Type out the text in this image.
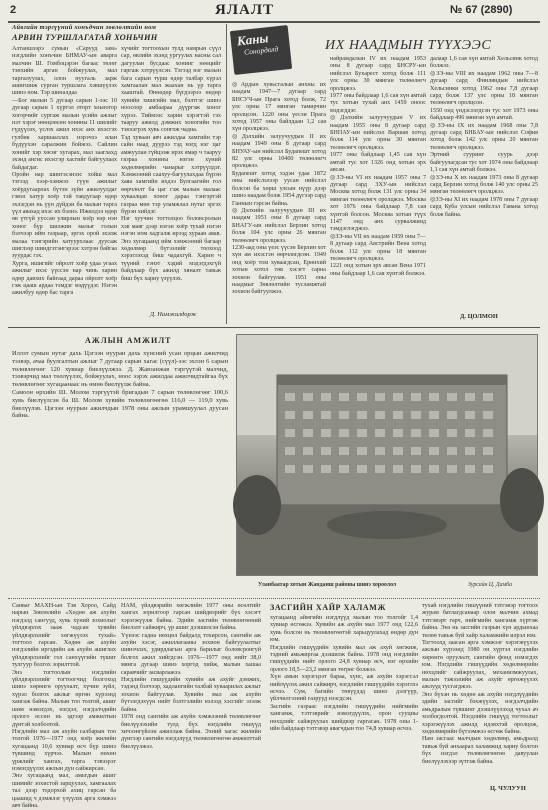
2	ЯЛАЛТ	№ 67 (2890)
Айвгийн тэргүүний хонъдчин зөвлөлтийн ном
АРВИН ТУРШЛАГАТАЙ ХОНЬЧИН
Алтаншээрэ сумын «Сарууд зам» нэгдлийн хонъчин БНМАУ-ын аварга малчин Ш. Гомбоцэрэн багаас төлөг тэнхийн арган бойжуулах, мал таргалуулах, олон нуугаль зарж ашигшиж сурган туршлага хэвшүүлэх шинэ ном. Тэр шиналдаа
—Бог малын 5 дугаар сарын 1-ээс 10 дугаар сарын 1 хүртэл оторт хоьногор хогорчийг сургаж малын үсийн ажлыг нэт хэрэг нөөцлөсөн хонины 11 шилийг гүдүүлэх, үслэх ажил ихэс анх ихэсгэх гулбик харшааллах нэрэчээ ялан бүдүүхэн саралжин бойжээ. Сайлин хонийг хэр хөсөг хугарах, мал зааглахд эхэнд ангис ихэсгэр хасгийг байгуулаах байдагдаг.
Оройн нар шингэсэнээс хойш мал тэгээд хээр-хэмжээ гүүн ажилыг хоёрдугаарлах бүтэн зүйн ажилуулдаг гэвэл хатур хоёр тэй тавдугаар өдөр эхлэгдэн нь үүн дүйдэн ба малын тарга үүл авахад ихэс их бэлнэ. Ижилдээ өдөр өв үтгүй ууссан улирлын хоёр нэр нэн хоног бүр шилжин малыг голын бэлчээр ийм газраар, эргэх орой эхэлж малаа тэнгэрийн хатуурхлаас дуусаж шиглээр шиндгэтэнгэрээс хэтрэн байгаа зуурдас гэх.
Хурга, ишигийг ойролт хоёр удаа угаах ажилыг ихэс үүссэн нар чинь харин өдөр давхих байгаад дараа ойролт хоёр гэж цааш ардаа тэмдэг мэдүүдэг. Нэгэн ажилбуу өдөр бас тарга
хүчийг тогтоохын тулд намрын сүүл сар, өвлийн эхэнд ургуулах насны сал дагуулан бусдаас хонинг нөөцийг гаргаж хэтрүүлсэн. Тэгээд нэг малын бага сарын турш өдөр талбар хүрэл хамгаалан мал жаахан нь үр тарга хааштай. Өнөөдөр бүгдээрээ өндөр хувийн хишгийн мал, бэлтгэг шинэ ноосоор амбаараа дүүргэж хоног хүрээ. Тиймээс харин хэрэгтэй гэх тааруу ажилд дэмжих хоногийн тоо тэнхэгрэх хувь сонгож чадна.
Тэд хуваан авч ажилдаа хамгийн тэр сайн наад дүүрээ тэд нэгд нэг цаг амжуулан гүйцээж ирэх ямар ч тааруу газраа хонины нэгэн хүний хөдөлмөрийн чанарыг хэтрүүлдэг. Хэмжээний саахуу-багуулахдаа бүрэн хаяа хамгийн ихдээ Булгаагийн гол өөрчлөлт ба цаг гэж малын малаас хуваалцав хоног дараа тэнгэртэй газраа мөн тэр уламжлал нутаг эргэх бүрэн хийдэг.
Нэг хуучин тогтолцоо боловсролын хэв маяг дээр нэгэн хоёр тухай нэгэн нэгэн ном хадгалж ирээд хураан авав. Энэ хугацаанд ийм хэмжээний багаар хөдөлмөр бүтээлийг тоохоод хэрэглэхэд биш чадахгүй. Харин ч түүний гэнэт хэдий мэдэгдэхгүй байдлаар бүх ажилд хяналт тавьж биш бүх хариу үзүүлэх.
Д. Намжилдорж
Каны
Сонордолд	ИХ НААДМЫН ТҮҮХЭЭС
◎Ардын хувьсгалын анхны их наадам 1947—7 дугаар сард БНСУЧ-ын Прага хотод болж, 72 улс орны 17 мянган тамирчин оролцсон. 1220 оны үесэн Прага хотод 1957 оны байлдаан 1,2 сая хүн оролцжээ.
◎Дэлхийн залуучуудын II их наадам 1949 оны 8 дугаар сард БНУАУ-ын нийслэл Будапешт хотод 82 улс орны 10400 төлөөлөгч оролцжээ.
Будапешт хотод хэдэн удаа 1872 оны нийслэлээр уусан нийслэл болсон ба хөрш улсын нүүр дээр шинэ наадам болж 1954 дүгээр сард Ганнын гэрсэн байна.
◎Дэлхийн залуучуудын III их наадам 1951 оны 8 дугаар сард БНАГУ-ын нийслэл Берлин хотод болж 104 улс орны 26 мянган төлөөлөгч оролцжээ.
1230-аад оны үеэс үүсэн Берлин хот хүн ам ихэсгэн өөрчлөгдсөн. 1949 онд хоёр том хуваагдсан, Ерөнхий хотын хотол төв хэсэгт сарна зохион байгуулав. 1951 оны наадмыг Зөвлөлтийн тусламжтай зохион байгуулжээ.
найрамдалын IV их наадам 1953 оны 8 дугаар сард БНСРУ-ын нийслэл Бухарест хотод болж 111 улс орны 30 мянган төлөөлөгч оролцжээ.
1977 оны байдлаар 1,6 сая хүн амтай тус хотын тухай анх 1459 оноос мэдэгддэг.
◎Дэлхийн залуучуудын V их наадам 1955 оны 8 дугаар сард БНПАУ-ын нийслэл Варшав хотод болж 114 улс орны 30 мянган төлөөлөгч оролцжээ.
1977 оны байдлаар 1,45 сая хүн амтай тус хот 1326 онд хотын эрх авсан.
◎ЗЭ-ны VI их наадам 1957 оны 7 дугаар сард ЗХУ-ын нийслэл Москва хотод болж 131 улс орны 34 мянган төлөөлөгч оролцжээ. Москва хот 1976 оны байдлаар 7,8 сая хүнтэй болсон. Москва хотын түүх 1147 онд анх сурвалжинд тэмдэглэгджээ.
◎ЗЭ-ны VII их наадам 1959 оны 7—8 дугаар сард Австрийн Вена хотод болж 112 улс орны 18 мянган төлөөлөгч оролцжээ.
1221 онд хотын эрх авсан Вена 1971 оны байдлаар 1,6 сая хүнтэй болжээ.
далаар 1,6 сая хүн амтай Хельсинк хотод болжээ.
◎ЗЭ-ны VIII их наадам 1962 оны 7—8 дугаар сард Финляндын нийслэл Хельсинки хотод 1962 оны 7,8 дугаар сард болж 137 улс орны 18 мянган төлөөлөгч оролцсон.
1550 онд үндэслэгдсэн тус хот 1973 оны байдлаар 496 мянган хүн амтай.
◎ЗЭ-ны IX их наадам 1968 оны 7,8 дугаар сард БНБАУ-ын нийслэл София хотод болж 142 улс орны 20 мянган төлөөлөгч оролцжээ.
Эртний сууринг суурь дээр байгуулагдсан тус хот 1974 оны байдлаар 1,1 сая хүн амтай болжээ.
◎ЗЭ-ны X их наадам 1973 оны 8 дугаар сард Берлин хотод болж 140 улс орны 25 мянган төлөөлөгч оролцжээ.
◎ЗЭ-ны XI их наадам 1978 оны 7 дугаар сард Куба улсын нийслэл Гавана хотод болж байна.
Д. ЦОЛМОН
АЖЛЫН АМЖИЛТ
Иллэт сумын нутаг дахь Цэгээн нууран дахь хүнсний усан орцын ажилчид тээвэр, ачаа буулгалтын ажлыг 7 дугаар сарын хагас (сүүл)-ээс эхлэн 6 сарын төлөвлөгөөг 120 хувиар биелүүлжээ. Д. Жавзанжав тэргүүтэй малчид, тээвэрчид мал төллүүлэх, бойжуулах, ноос ээрэх ажилдаа ажилчидтайгаа бүх төлөвлөгөөг хугацаанаас нь өмнө биелүүлж байна.
Самоон өрхийн Ш. Молом тэргүүтэй бригадын 7 сарын төлөвлөгөөг 100,6 хувь биелүүлсэн ба Ш. Молом хувийн төлөвлөгөөгөө 116,0 — 119,0 хувь биелүүлэв. Цэгээн нуурын ажилчдын 1978 оны ажлын урамшуулал дуусан байна.
Уланбаатар хотын Жанданш районы шинэ хороолол	Зурсайн Ц. Дамба
Санваг МАХН-ын Тэв Хороо, Сайд нарын Зөвлөлийн «Хөдөө аж ахуйн нэгдэлд сангууд, хувь хүний зохиолыг үйлдвэрлэх зааж чадсан хувийн үйлдвэрлэлийг хөгжүүлэх тухай» тогтоол гарсан. Хөдөө аж ахуйн нэгдэлийн иргэдийн аж ахуйн ашиглах үйлдвэрлэлийг гол санхүүгийн түшиг тулгуур болгох зорилттой.
Энэ тогтоолын нэгдлийн үйлдвэрлэлийг тогтоогчид болгоход шинэ хөрөнгө оруулалт, хүчин зүйл, хүрэл болгох ажлыг өргөн хүрээнд хангаж байна. Малын тоо толгой, ашиг шим нэмэгдэх, нэгдэл, нэгдэлчдийн орлого өссөн нь эдгээр амжилтын дүнтэй холбоотой.
Нэгдлийн мал аж ахуйн салбарын тоо толгой 1976—1977 онд хоёр жилийн хугацаанд 10,6 хувиар өсч бүр шинэ түвшинд хүрчээ. Малын нөхөн үржлийг хангах, тарга тэвээрэг нэмэгдүүлэх ажлын дүн сайжирсан.
Энэ хугацаанд мал, амьтдын ашиг шимийг зохистой зарцуулах, хамгаалах тал дээр тодорхой ахиц гарсан ба цаашид ч дэмжлэг үзүүлэх арга хэмжээ авч байна.
ЗАСГИЙН ХАЙР ХАЛАМЖ
НАМ, үйлдвэрийн хөгжлийн 1977 оны өсөлтийг хангах зорилгоор гарсан шийдвэрийг бүх хэсэгт хэрэгжүүлж байна. Эдийн засгийн төлөвлөгөөний биелэлт сайжирч, үр ашиг дээшилсэн байна.
Үүнээс гадна нөхцөл байдалд тохирсон, сангийн аж ахуйн хэсэг, ажиллагааны зохион байгуулалтыг шинэчлэх, удирдлагын арга барилыг боловсронгуй болгох ажил хийгдсэн. 1976—1977 онд нийт 38,0 мянга дугаар шинэ хоргод хийж, малын хашаа саравчийг засварлажээ.
Нэгдлийн гишүүдийн хувийн аж ахуйг дэмжих, тэдэнд бэлчээр, хадлангийн талбай хуваарилах ажлыг зохион байгуулав. Хувийн мал аж ахуйн бүтээгдэхүүн нийт бэлтгэлийн нэлээд хэсгийг эзэлж байна.
1978 онд сангийн аж ахуйн хэмжээний төлөвлөгөөг биелүүлэхийн тулд бүх нэгдлийн гишүүд хичээнгүйлэн ажиллаж байна. Эхний хагас жилийн дүнгээр сангийн нэгдэлүүд төлөвлөгөөгөө амжилттай биелүүлжээ.
хугацаанд аймгийн нэгдлүүд малын тоо толгойг 1,4 хувиар өсгөжээ. Хувийн аж ахуйн мал 1977 онд 122,6 хувь болсон нь төлөвлөгөөтэй харьцуулахад өндөр дүн юм.
Нэгдлийн гишүүдийн хувийн мал аж ахуй хөгжиж, тэдний амьжиргаа дээшилж байна. 1978 онд нэгдлийн гишүүдийн нийт орлого 24,8 хувиар өсч, нэг өрхийн орлого 18,5—23,2 мянган төгрөг болжээ.
Хүн амын хэрэгцээт бараа, хүнс, аж ахуйн хэрэгсэл нийлүүлэх ажил сайжирч, нэгдлийн гишүүдийн хэрэглээ өсчээ. Сум, багийн төвүүдэд шинэ дэлгүүр, үйлчилгээний газрууд нээгдсэн.
Засгийн газраас нэгдлийн гишүүдийн нийгмийн хангамж, тэтгэврийг нэмэгдүүлэх, орон сууцны нөхцлийг сайжруулах шийдвэр гаргасан. 1978 оны 1-ийн байдлаар тэтгэвэр авагчдын тоо 74,8 хувиар өсчээ.
тухай нэгдлийн гишүүний тэтгэвэр тогтоох журам батлагдсанаар олон малчин ахмад тэтгэвэрт гарч, нийгмийн хангамж хүртэж байна. Энэ нь засгийн газрын хүн ардынхаа төлөө тавьж буй хайр халамжийн илрэл юм.
Тогтоолд заасан арга хэмжээг хэрэгжүүлэх ажлын хүрээнд 1980 он хүртэл нэгдлийн хөрөнгө оруулалт, сангийн фонд нэмэгдэх юм. Нэгдлийн гишүүдийн хөдөлмөрийн нөхцлийг сайжруулах, механизмжуулах, малын тэжээлийн аж ахуйг өргөжүүлэх ажлууд тусгагджээ.
Энэ бүхэн нь хөдөө аж ахуйн нэгдлүүдийн эдийн засгийг бэхжүүлэх, нэгдэлчдийн амьдралын түвшинг дээшлүүлэхэд чухал ач холбогдолтой. Нэгдлийн гишүүд тогтоолыг хэрэгжүүлэх ажилд идэвхтэй оролцож, хөдөлмөрийн бүтээмжээ өсгөж байна.
Нам засгаас малчдын хөдөлмөр, амьдралд тавьж буй анхаарал халамжид хариу болгон бүх нэгдэл төлөвлөгөөгөө давуулан биелүүлэхээр зүтгэж байна.
Ц. ЧУЛУУН
